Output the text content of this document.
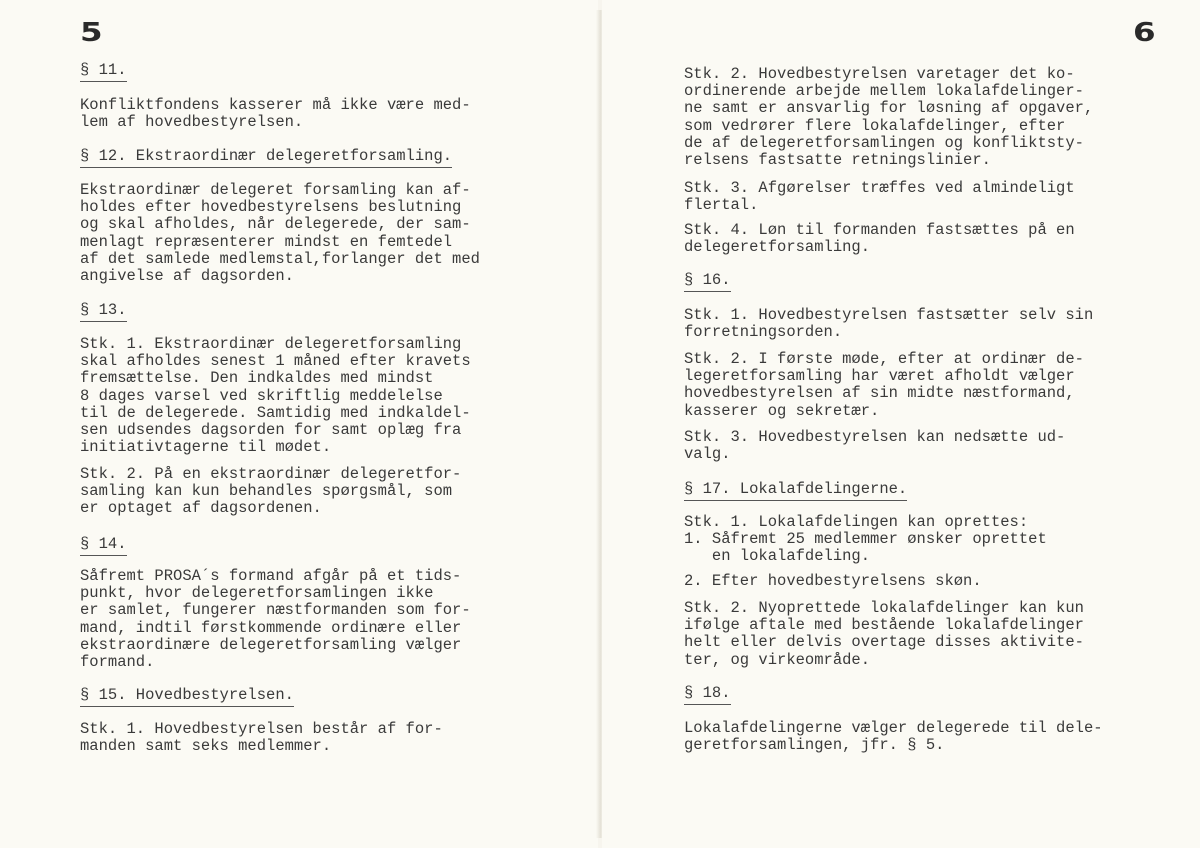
5
§ 11.
Konfliktfondens kasserer må ikke være med-
lem af hovedbestyrelsen.
§ 12. Ekstraordinær delegeretforsamling.
Ekstraordinær delegeret forsamling kan af-
holdes efter hovedbestyrelsens beslutning
og skal afholdes, når delegerede, der sam-
menlagt repræsenterer mindst en femtedel
af det samlede medlemstal,forlanger det med
angivelse af dagsorden.
§ 13.
Stk. 1. Ekstraordinær delegeretforsamling
skal afholdes senest 1 måned efter kravets
fremsættelse. Den indkaldes med mindst
8 dages varsel ved skriftlig meddelelse
til de delegerede. Samtidig med indkaldel-
sen udsendes dagsorden for samt oplæg fra
initiativtagerne til mødet.
Stk. 2. På en ekstraordinær delegeretfor-
samling kan kun behandles spørgsmål, som
er optaget af dagsordenen.
§ 14.
Såfremt PROSA´s formand afgår på et tids-
punkt, hvor delegeretforsamlingen ikke
er samlet, fungerer næstformanden som for-
mand, indtil førstkommende ordinære eller
ekstraordinære delegeretforsamling vælger
formand.
§ 15. Hovedbestyrelsen.
Stk. 1. Hovedbestyrelsen består af for-
manden samt seks medlemmer.
6
Stk. 2. Hovedbestyrelsen varetager det ko-
ordinerende arbejde mellem lokalafdelinger-
ne samt er ansvarlig for løsning af opgaver,
som vedrører flere lokalafdelinger, efter
de af delegeretforsamlingen og konfliktsty-
relsens fastsatte retningslinier.
Stk. 3. Afgørelser træffes ved almindeligt
flertal.
Stk. 4. Løn til formanden fastsættes på en
delegeretforsamling.
§ 16.
Stk. 1. Hovedbestyrelsen fastsætter selv sin
forretningsorden.
Stk. 2. I første møde, efter at ordinær de-
legeretforsamling har været afholdt vælger
hovedbestyrelsen af sin midte næstformand,
kasserer og sekretær.
Stk. 3. Hovedbestyrelsen kan nedsætte ud-
valg.
§ 17. Lokalafdelingerne.
Stk. 1. Lokalafdelingen kan oprettes:
1. Såfremt 25 medlemmer ønsker oprettet
en lokalafdeling.
2. Efter hovedbestyrelsens skøn.
Stk. 2. Nyoprettede lokalafdelinger kan kun
ifølge aftale med bestående lokalafdelinger
helt eller delvis overtage disses aktivite-
ter, og virkeområde.
§ 18.
Lokalafdelingerne vælger delegerede til dele-
geretforsamlingen, jfr. § 5.
